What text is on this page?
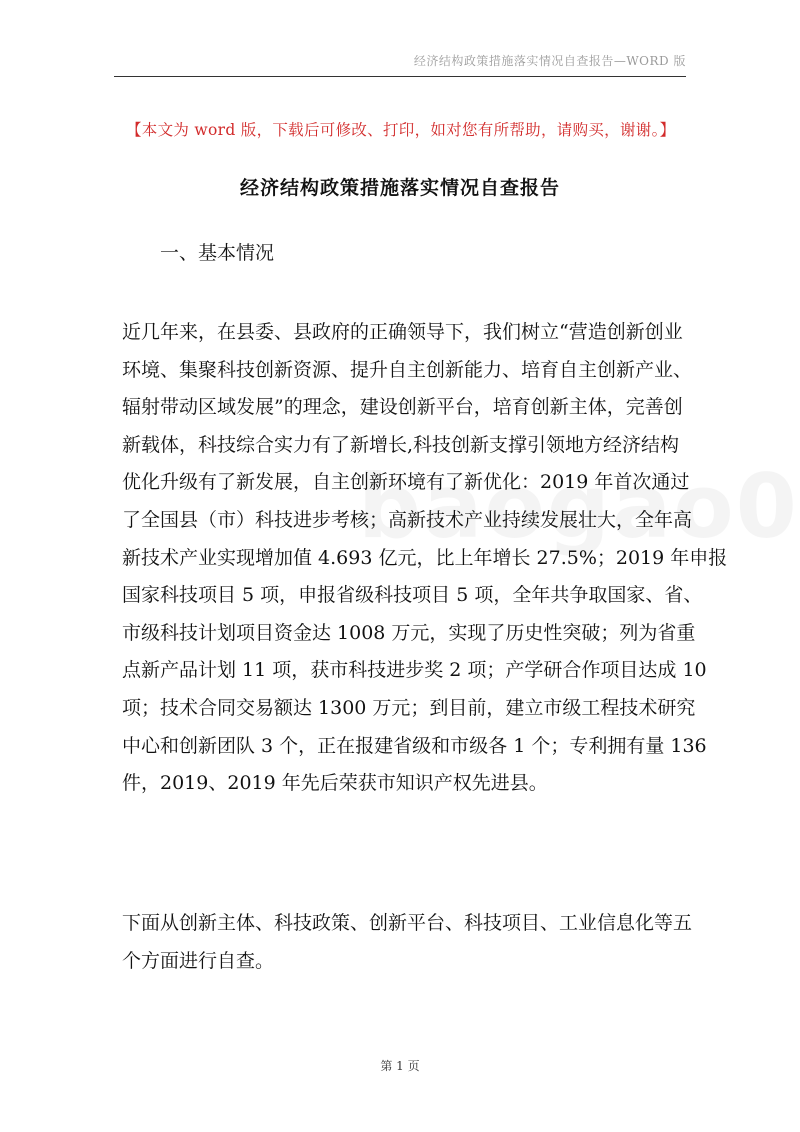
经济结构政策措施落实情况自查报告—WORD 版
【本文为 word 版，下载后可修改、打印，如对您有所帮助，请购买，谢谢。】
经济结构政策措施落实情况自查报告
一、基本情况
近几年来，在县委、县政府的正确领导下，我们树立“营造创新创业
环境、集聚科技创新资源、提升自主创新能力、培育自主创新产业、
辐射带动区域发展”的理念，建设创新平台，培育创新主体，完善创
新载体，科技综合实力有了新增长,科技创新支撑引领地方经济结构
优化升级有了新发展，自主创新环境有了新优化：2019 年首次通过
了全国县（市）科技进步考核；高新技术产业持续发展壮大，全年高
新技术产业实现增加值 4.693 亿元，比上年增长 27.5%；2019 年申报
国家科技项目 5 项，申报省级科技项目 5 项，全年共争取国家、省、
市级科技计划项目资金达 1008 万元，实现了历史性突破；列为省重
点新产品计划 11 项，获市科技进步奖 2 项；产学研合作项目达成 10
项；技术合同交易额达 1300 万元；到目前，建立市级工程技术研究
中心和创新团队 3 个，正在报建省级和市级各 1 个；专利拥有量 136
件，2019、2019 年先后荣获市知识产权先进县。
下面从创新主体、科技政策、创新平台、科技项目、工业信息化等五
个方面进行自查。
第 1 页
